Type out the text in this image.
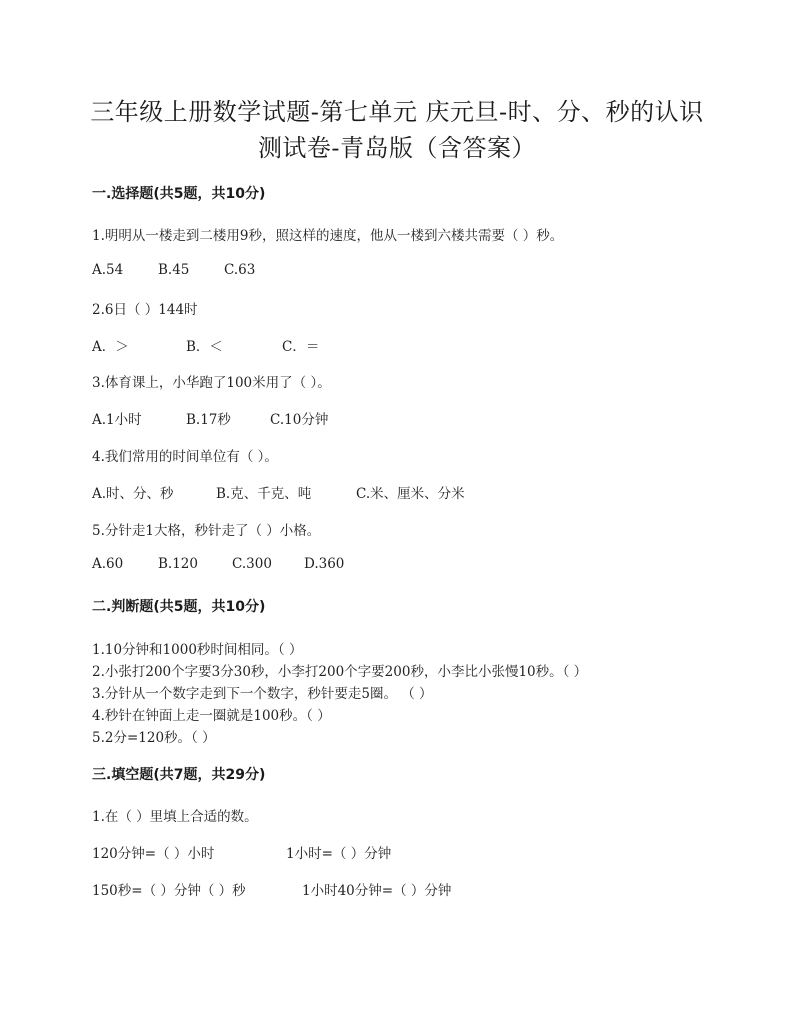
三年级上册数学试题-第七单元 庆元旦-时、分、秒的认识
测试卷-青岛版（含答案）
一.选择题(共5题，共10分)
1.明明从一楼走到二楼用9秒，照这样的速度，他从一楼到六楼共需要（ ）秒。
A.54	B.45	C.63
2.6日（ ）144时
A．＞	B．＜	C．＝
3.体育课上，小华跑了100米用了（ ）。
A.1小时	B.17秒	C.10分钟
4.我们常用的时间单位有（ ）。
A.时、分、秒	B.克、千克、吨	C.米、厘米、分米
5.分针走1大格，秒针走了（ ）小格。
A.60	B.120	C.300 D.360
二.判断题(共5题，共10分)
1.10分钟和1000秒时间相同。（ ）
2.小张打200个字要3分30秒，小李打200个字要200秒，小李比小张慢10秒。（ ）
3.分针从一个数字走到下一个数字，秒针要走5圈。 （ ）
4.秒针在钟面上走一圈就是100秒。（ ）
5.2分=120秒。（ ）
三.填空题(共7题，共29分)
1.在（ ）里填上合适的数。
120分钟=（ ）小时	1小时=（ ）分钟
150秒=（ ）分钟（ ）秒	1小时40分钟=（ ）分钟
